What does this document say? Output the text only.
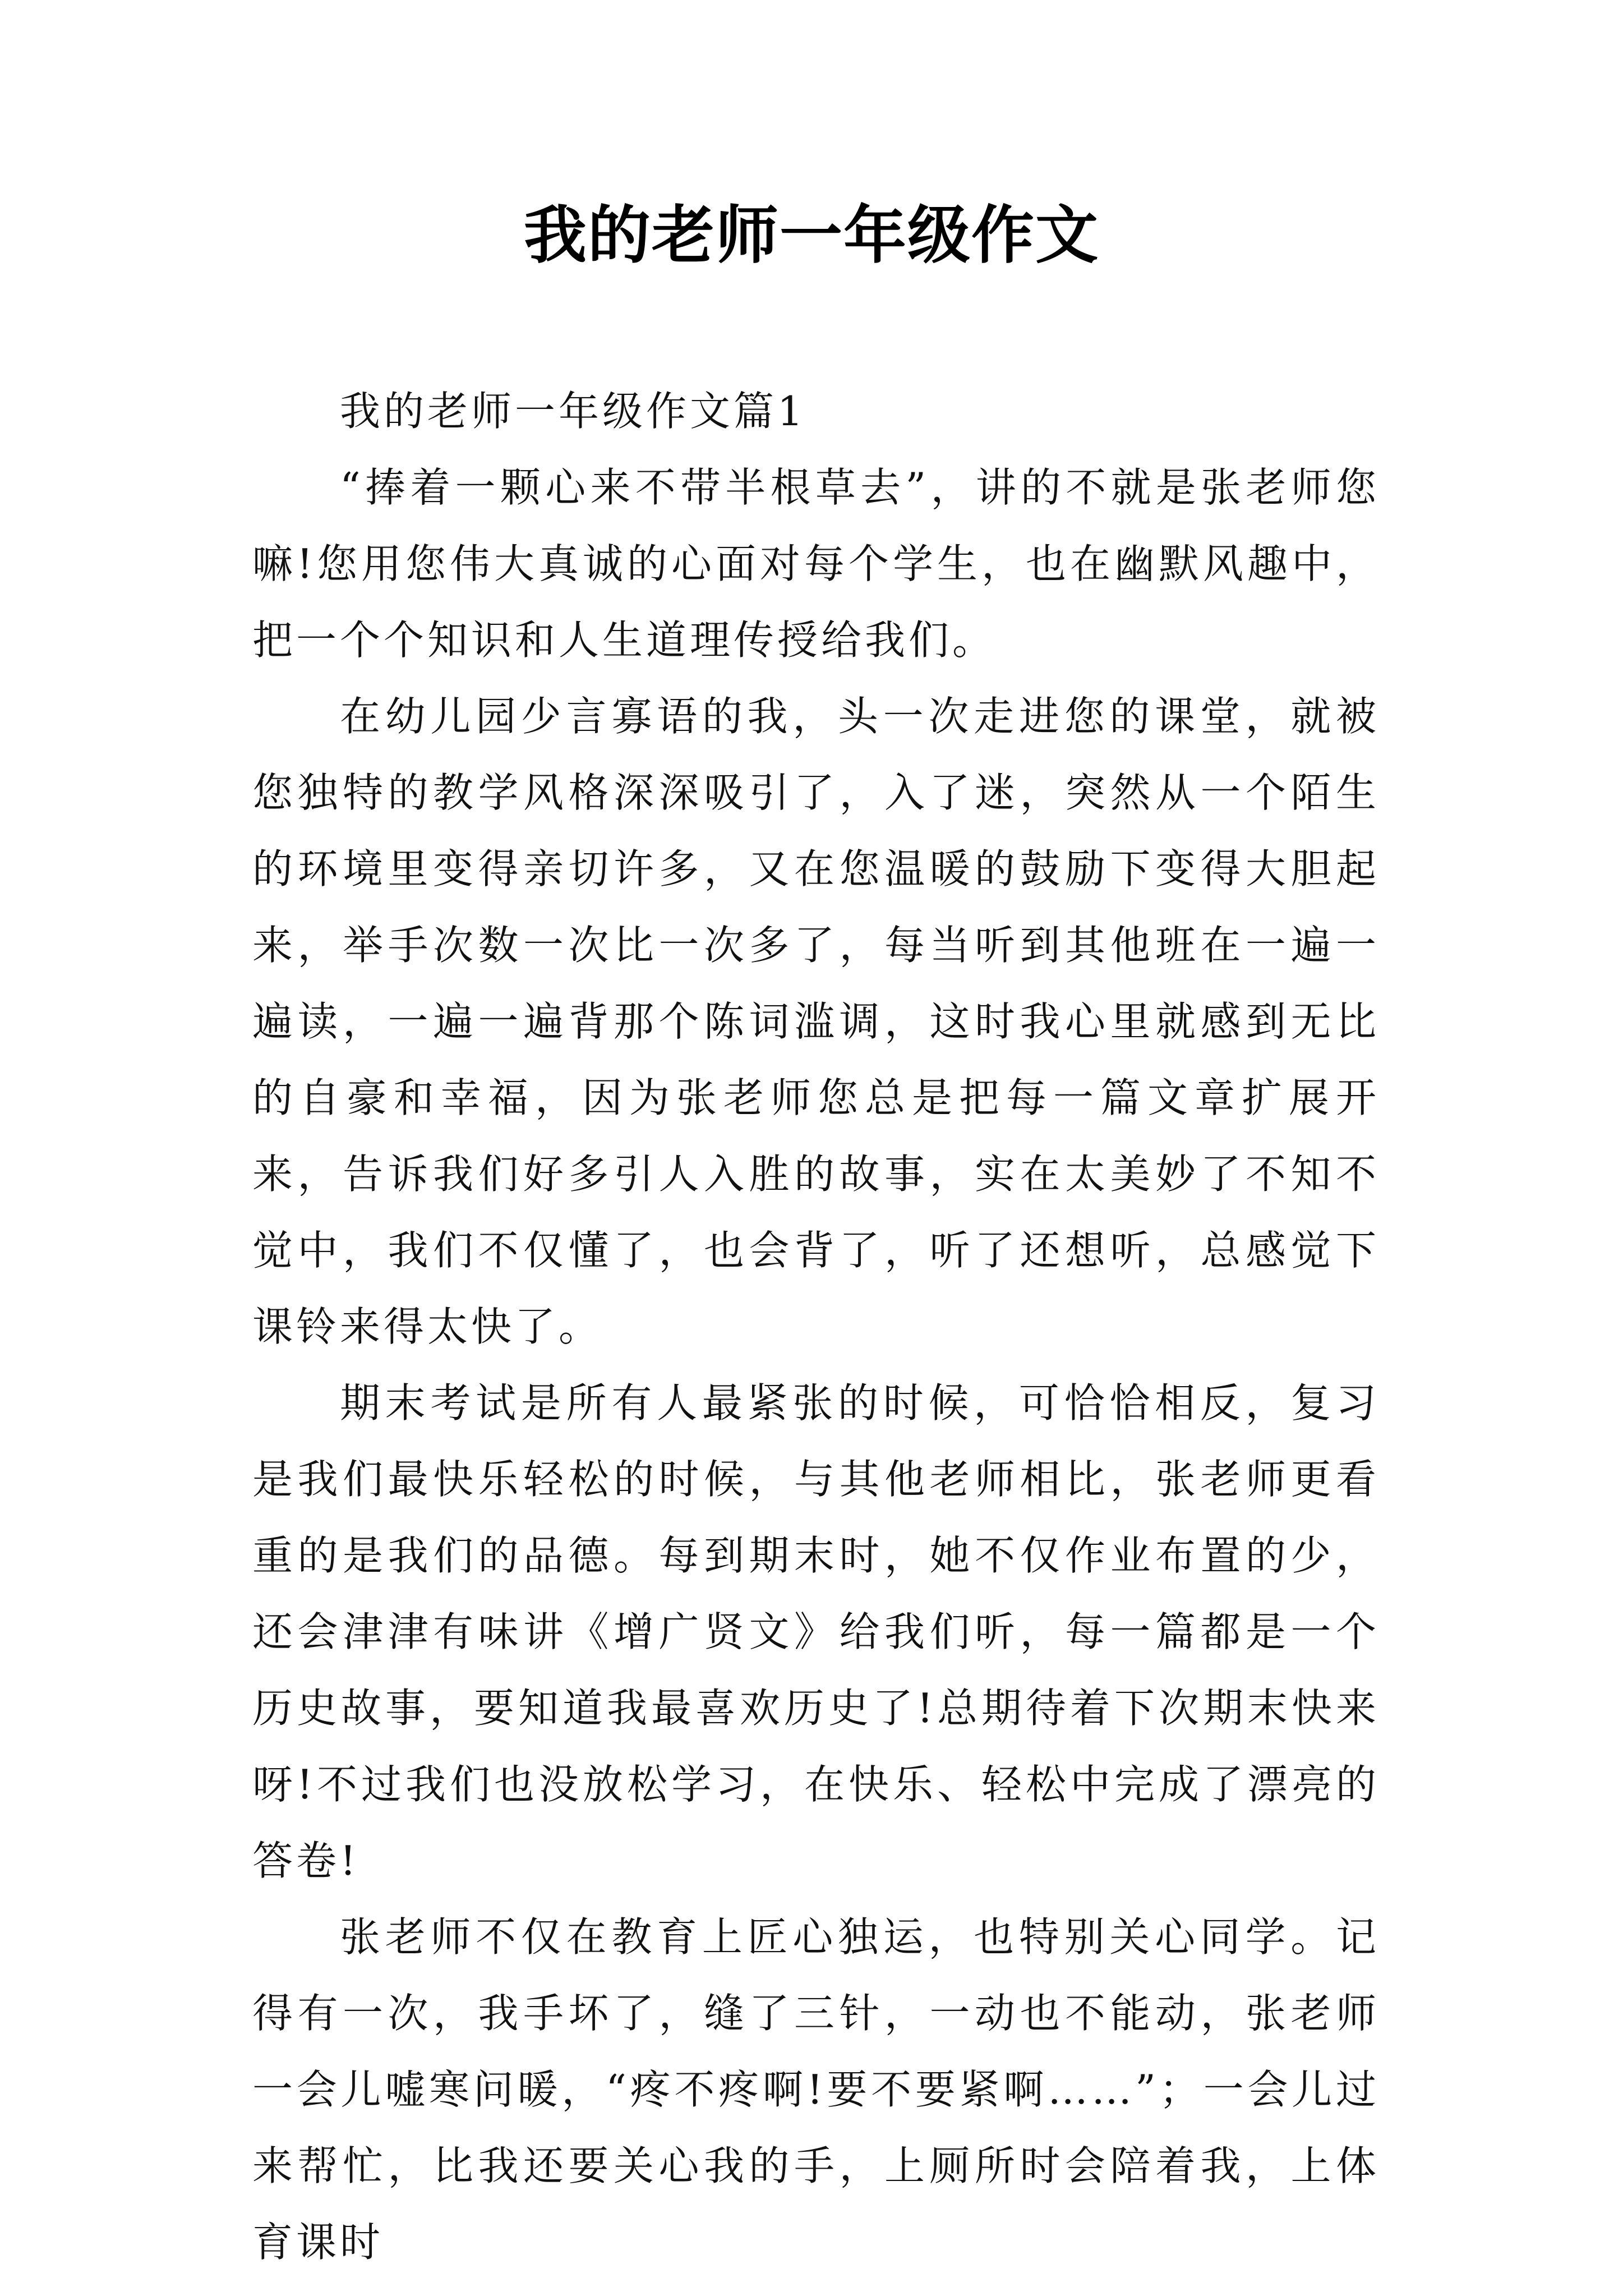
我的老师一年级作文

我的老师一年级作文篇1

“捧着一颗心来不带半根草去”，讲的不就是张老师您嘛!您用您伟大真诚的心面对每个学生，也在幽默风趣中，把一个个知识和人生道理传授给我们。

在幼儿园少言寡语的我，头一次走进您的课堂，就被您独特的教学风格深深吸引了，入了迷，突然从一个陌生的环境里变得亲切许多，又在您温暖的鼓励下变得大胆起来，举手次数一次比一次多了，每当听到其他班在一遍一遍读，一遍一遍背那个陈词滥调，这时我心里就感到无比的自豪和幸福，因为张老师您总是把每一篇文章扩展开来，告诉我们好多引人入胜的故事，实在太美妙了不知不觉中，我们不仅懂了，也会背了，听了还想听，总感觉下课铃来得太快了。

期末考试是所有人最紧张的时候，可恰恰相反，复习是我们最快乐轻松的时候，与其他老师相比，张老师更看重的是我们的品德。每到期末时，她不仅作业布置的少，还会津津有味讲《增广贤文》给我们听，每一篇都是一个历史故事，要知道我最喜欢历史了!总期待着下次期末快来呀!不过我们也没放松学习，在快乐、轻松中完成了漂亮的答卷!

张老师不仅在教育上匠心独运，也特别关心同学。记得有一次，我手坏了，缝了三针，一动也不能动，张老师一会儿嘘寒问暖，“疼不疼啊!要不要紧啊……”；一会儿过来帮忙，比我还要关心我的手，上厕所时会陪着我，上体育课时
